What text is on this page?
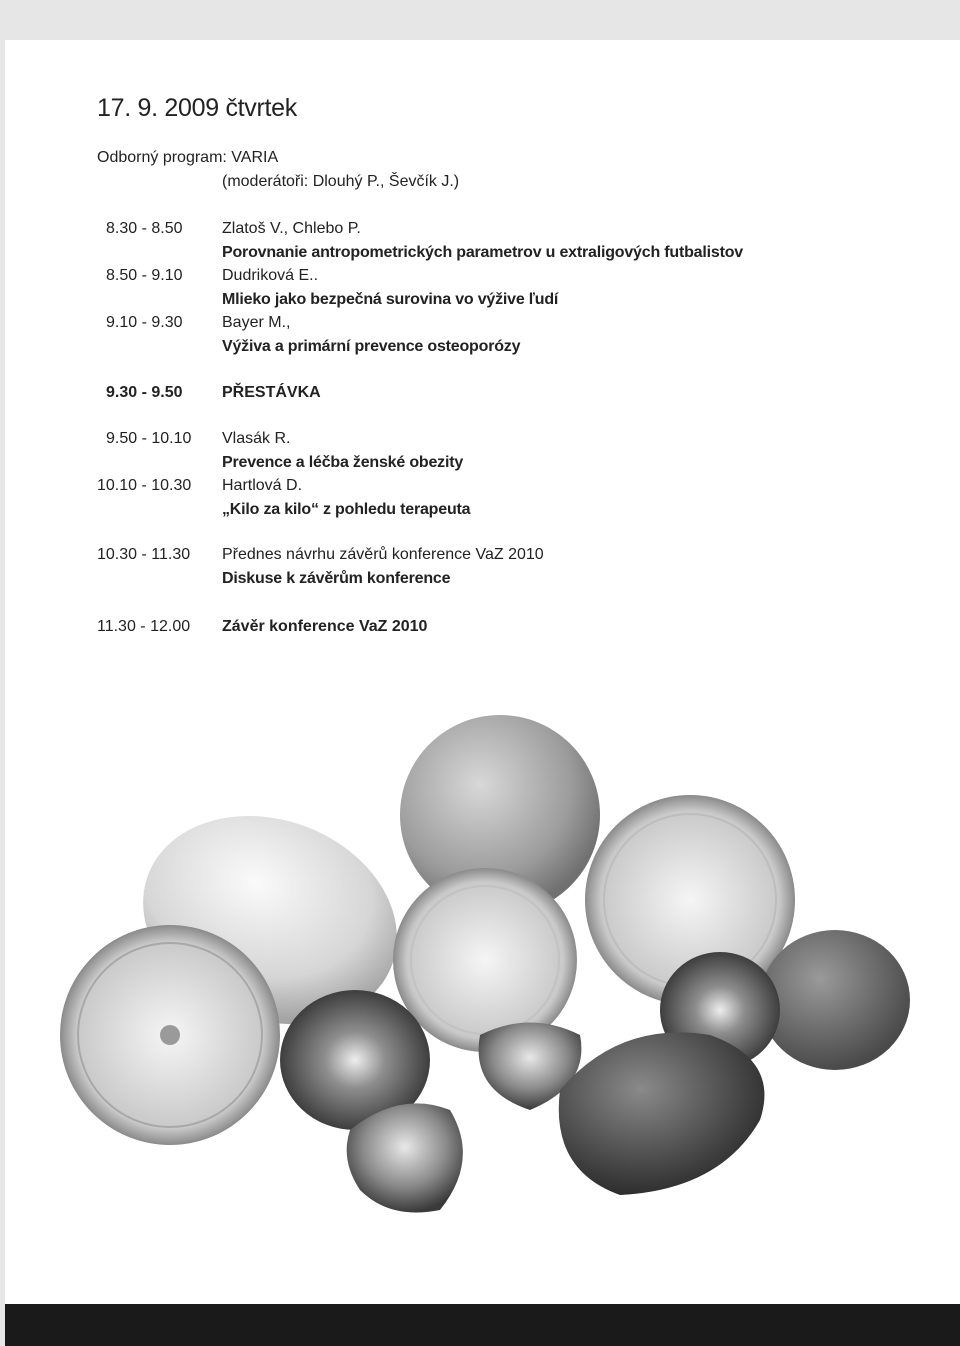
17. 9. 2009 čtvrtek
Odborný program: VARIA
(moderátoři: Dlouhý P., Ševčík J.)
8.30 - 8.50 Zlatoš V., Chlebo P.
Porovnanie antropometrických parametrov u extraligových futbalistov
8.50 - 9.10 Dudriková E..
Mlieko jako bezpečná surovina vo výžive ľudí
9.10 - 9.30 Bayer M.,
Výživa a primární prevence osteoporózy
9.30 - 9.50 PŘESTÁVKA
9.50 - 10.10 Vlasák R.
Prevence a léčba ženské obezity
10.10 - 10.30 Hartlová D.
„Kilo za kilo“ z pohledu terapeuta
10.30 - 11.30 Přednes návrhu závěrů konference VaZ 2010
Diskuse k závěrům konference
11.30 - 12.00 Závěr konference VaZ 2010
